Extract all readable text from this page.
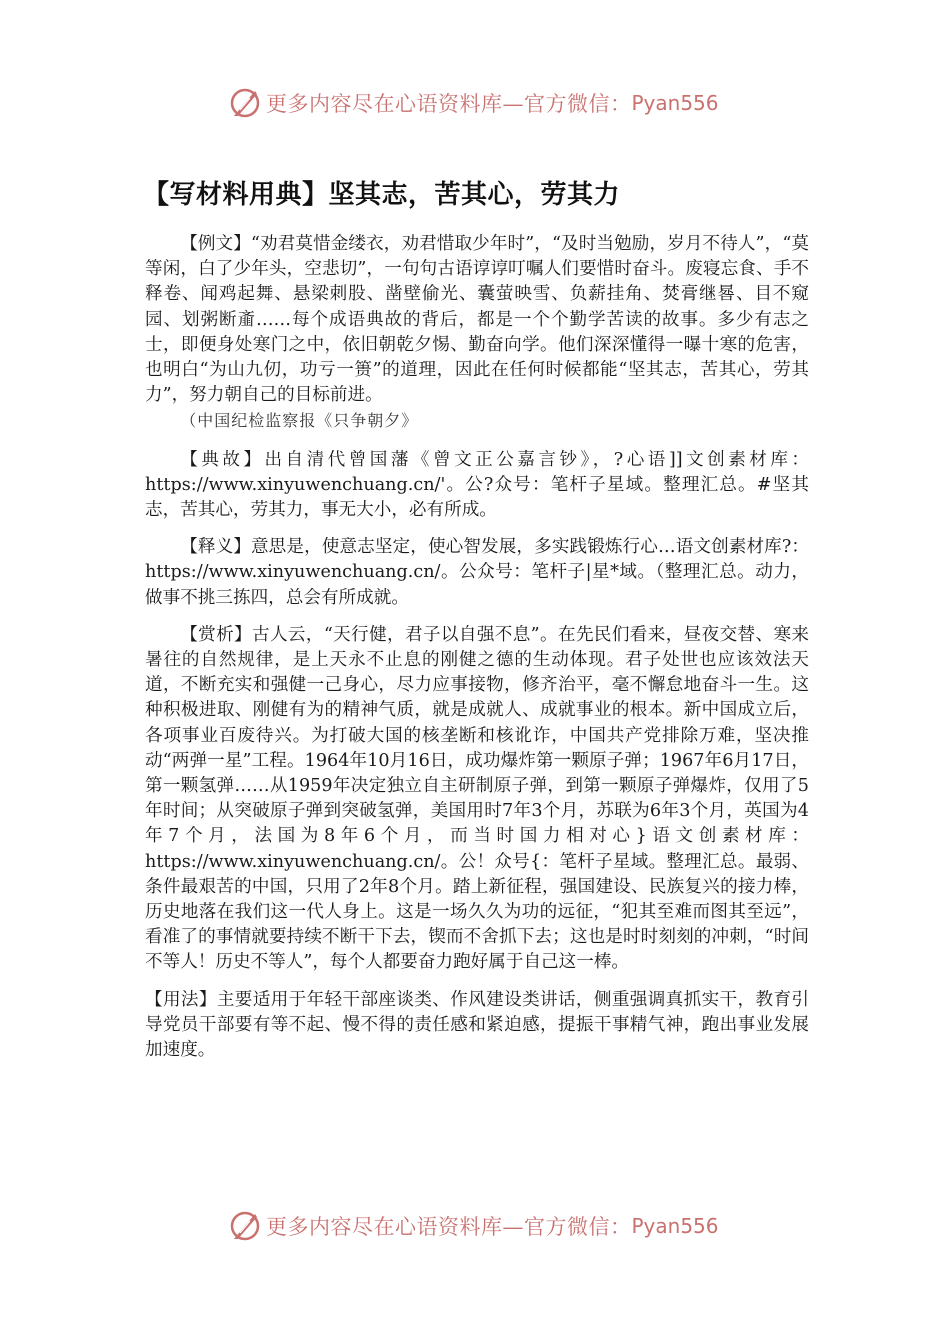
更多内容尽在心语资料库—官方微信： Pyan556
【写材料用典】坚其志，苦其心，劳其力

【例文】“劝君莫惜金缕衣，劝君惜取少年时”，“及时当勉励，岁月不待人”，“莫等闲，白了少年头，空悲切”，一句句古语谆谆叮嘱人们要惜时奋斗。废寝忘食、手不释卷、闻鸡起舞、悬梁刺股、凿壁偷光、囊萤映雪、负薪挂角、焚膏继晷、目不窥园、划粥断齑……每个成语典故的背后，都是一个个勤学苦读的故事。多少有志之士，即便身处寒门之中，依旧朝乾夕惕、勤奋向学。他们深深懂得一曝十寒的危害，也明白“为山九仞，功亏一篑”的道理，因此在任何时候都能“坚其志，苦其心，劳其力”，努力朝自己的目标前进。
（中国纪检监察报《只争朝夕》

【典故】出自清代曾国藩《曾文正公嘉言钞》，?心语]]文创素材库：https://www.xinyuwenchuang.cn/'。公?众号：笔杆子星域。整理汇总。#坚其志，苦其心，劳其力，事无大小，必有所成。

【释义】意思是，使意志坚定，使心智发展，多实践锻炼行心…语文创素材库?：https://www.xinyuwenchuang.cn/。公众号：笔杆子|星*域。（整理汇总。动力，做事不挑三拣四，总会有所成就。

【赏析】古人云，“天行健，君子以自强不息”。在先民们看来，昼夜交替、寒来暑往的自然规律，是上天永不止息的刚健之德的生动体现。君子处世也应该效法天道，不断充实和强健一己身心，尽力应事接物，修齐治平，毫不懈怠地奋斗一生。这种积极进取、刚健有为的精神气质，就是成就人、成就事业的根本。新中国成立后，各项事业百废待兴。为打破大国的核垄断和核讹诈，中国共产党排除万难，坚决推动“两弹一星”工程。1964年10月16日，成功爆炸第一颗原子弹；1967年6月17日，第一颗氢弹……从1959年决定独立自主研制原子弹，到第一颗原子弹爆炸，仅用了5年时间；从突破原子弹到突破氢弹，美国用时7年3个月，苏联为6年3个月，英国为4年7个月，法国为8年6个月，而当时国力相对心}语文创素材库：https://www.xinyuwenchuang.cn/。公！众号{：笔杆子星域。整理汇总。最弱、条件最艰苦的中国，只用了2年8个月。踏上新征程，强国建设、民族复兴的接力棒，历史地落在我们这一代人身上。这是一场久久为功的远征，“犯其至难而图其至远”，看准了的事情就要持续不断干下去，锲而不舍抓下去；这也是时时刻刻的冲刺，“时间不等人！历史不等人”，每个人都要奋力跑好属于自己这一棒。

【用法】主要适用于年轻干部座谈类、作风建设类讲话，侧重强调真抓实干，教育引导党员干部要有等不起、慢不得的责任感和紧迫感，提振干事精气神，跑出事业发展加速度。

更多内容尽在心语资料库—官方微信： Pyan556
